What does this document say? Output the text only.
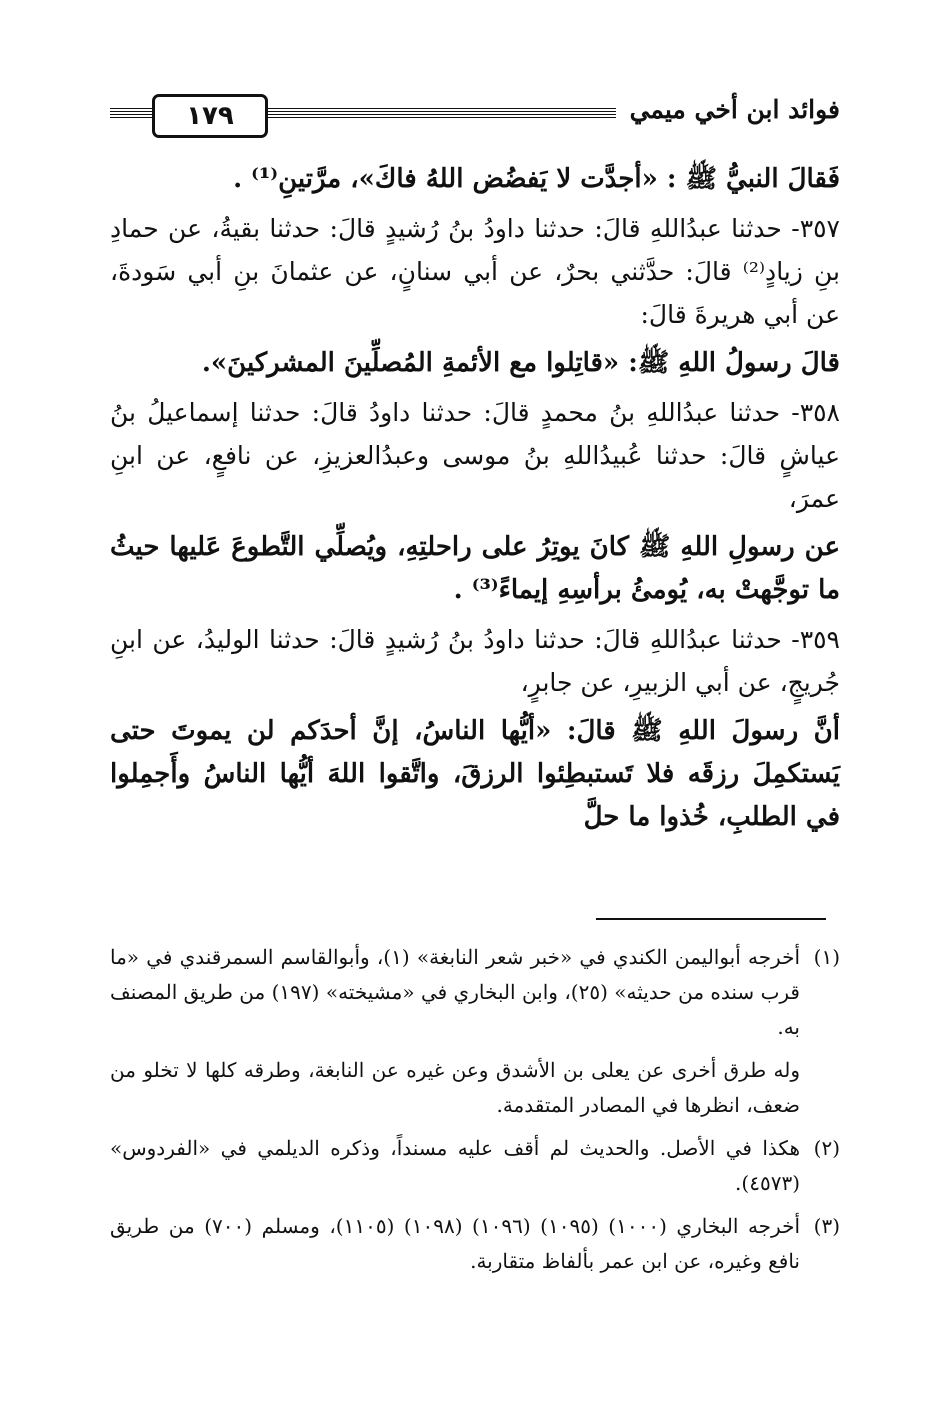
١٧٩	فوائد ابن أخي ميمي

فَقالَ النبيُّ ﷺ : «أجدَّت لا يَفضُض اللهُ فاكَ»، مرَّتينِ⁽¹⁾ .

٣٥٧- حدثنا عبدُاللهِ قالَ: حدثنا داودُ بنُ رُشيدٍ قالَ: حدثنا بقيةُ، عن حمادِ بنِ زيادٍ⁽²⁾ قالَ: حدَّثني بحرٌ، عن أبي سنانٍ، عن عثمانَ بنِ أبي سَودةَ، عن أبي هريرةَ قالَ:

قالَ رسولُ اللهِ ﷺ: «قاتِلوا مع الأئمةِ المُصلِّينَ المشركينَ».

٣٥٨- حدثنا عبدُاللهِ بنُ محمدٍ قالَ: حدثنا داودُ قالَ: حدثنا إسماعيلُ بنُ عياشٍ قالَ: حدثنا عُبيدُاللهِ بنُ موسى وعبدُالعزيزِ، عن نافعٍ، عن ابنِ عمرَ،

عن رسولِ اللهِ ﷺ كانَ يوتِرُ على راحلتِهِ، ويُصلِّي التَّطوعَ عَليها حيثُ ما توجَّهتْ به، يُومئُ برأسِهِ إيماءً⁽³⁾ .

٣٥٩- حدثنا عبدُاللهِ قالَ: حدثنا داودُ بنُ رُشيدٍ قالَ: حدثنا الوليدُ، عن ابنِ جُريجٍ، عن أبي الزبيرِ، عن جابرٍ،

أنَّ رسولَ اللهِ ﷺ قالَ: «أيُّها الناسُ، إنَّ أحدَكم لن يموتَ حتى يَستكمِلَ رزقَه فلا تَستبطِئوا الرزقَ، واتَّقوا اللهَ أيُّها الناسُ وأَجمِلوا في الطلبِ، خُذوا ما حلَّ

(١)أخرجه أبواليمن الكندي في «خبر شعر النابغة» (١)، وأبوالقاسم السمرقندي في «ما قرب سنده من حديثه» (٢٥)، وابن البخاري في «مشيخته» (١٩٧) من طريق المصنف به.

وله طرق أخرى عن يعلى بن الأشدق وعن غيره عن النابغة، وطرقه كلها لا تخلو من ضعف، انظرها في المصادر المتقدمة.

(٢)هكذا في الأصل. والحديث لم أقف عليه مسنداً، وذكره الديلمي في «الفردوس» (٤٥٧٣).

(٣)أخرجه البخاري (١٠٠٠) (١٠٩٥) (١٠٩٦) (١٠٩٨) (١١٠٥)، ومسلم (٧٠٠) من طريق نافع وغيره، عن ابن عمر بألفاظ متقاربة.
